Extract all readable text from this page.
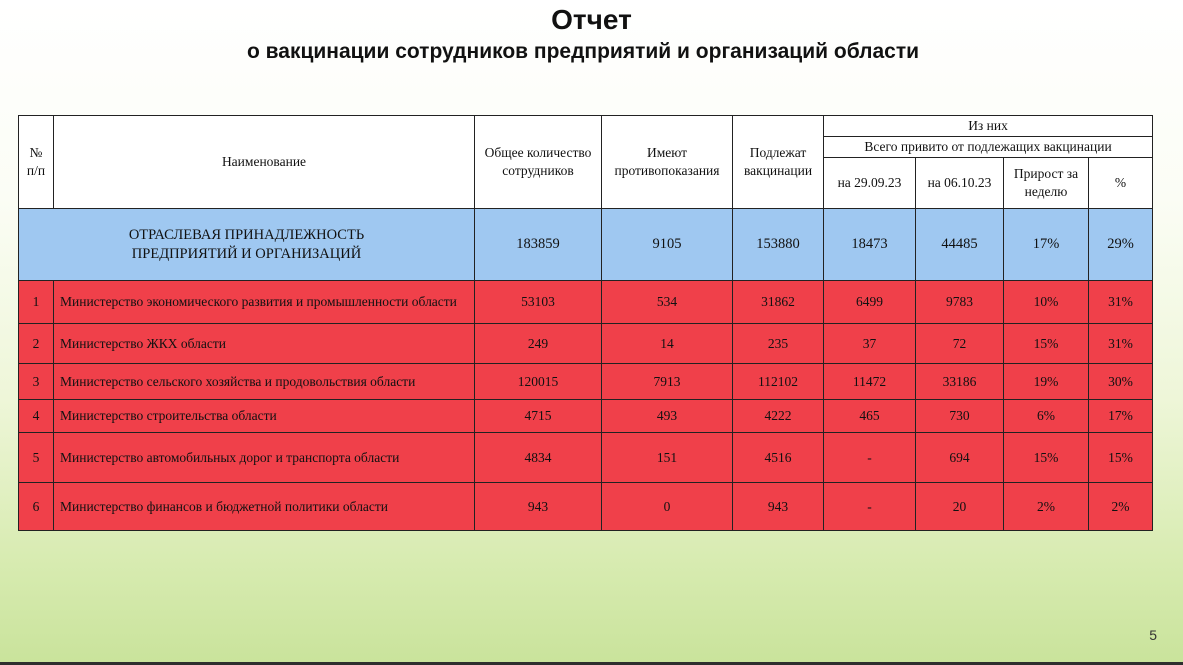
Отчет
о вакцинации сотрудников предприятий и организаций области
№
п/п	Наименование	Общее количество сотрудников	Имеют противопоказания	Подлежат вакцинации	Из них			
					Всего привито от подлежащих вакцинации			
					на 29.09.23	на 06.10.23	Прирост за неделю	%
ОТРАСЛЕВАЯ ПРИНАДЛЕЖНОСТЬ ПРЕДПРИЯТИЙ И ОРГАНИЗАЦИЙ		183859	9105	153880	18473	44485	17%	29%
1	Министерство экономического развития и промышленности области	53103	534	31862	6499	9783	10%	31%
2	Министерство ЖКХ области	249	14	235	37	72	15%	31%
3	Министерство сельского хозяйства и продовольствия области	120015	7913	112102	11472	33186	19%	30%
4	Министерство строительства области	4715	493	4222	465	730	6%	17%
5	Министерство автомобильных дорог и транспорта области	4834	151	4516	-	694	15%	15%
6	Министерство финансов и бюджетной политики области	943	0	943	-	20	2%	2%
5
